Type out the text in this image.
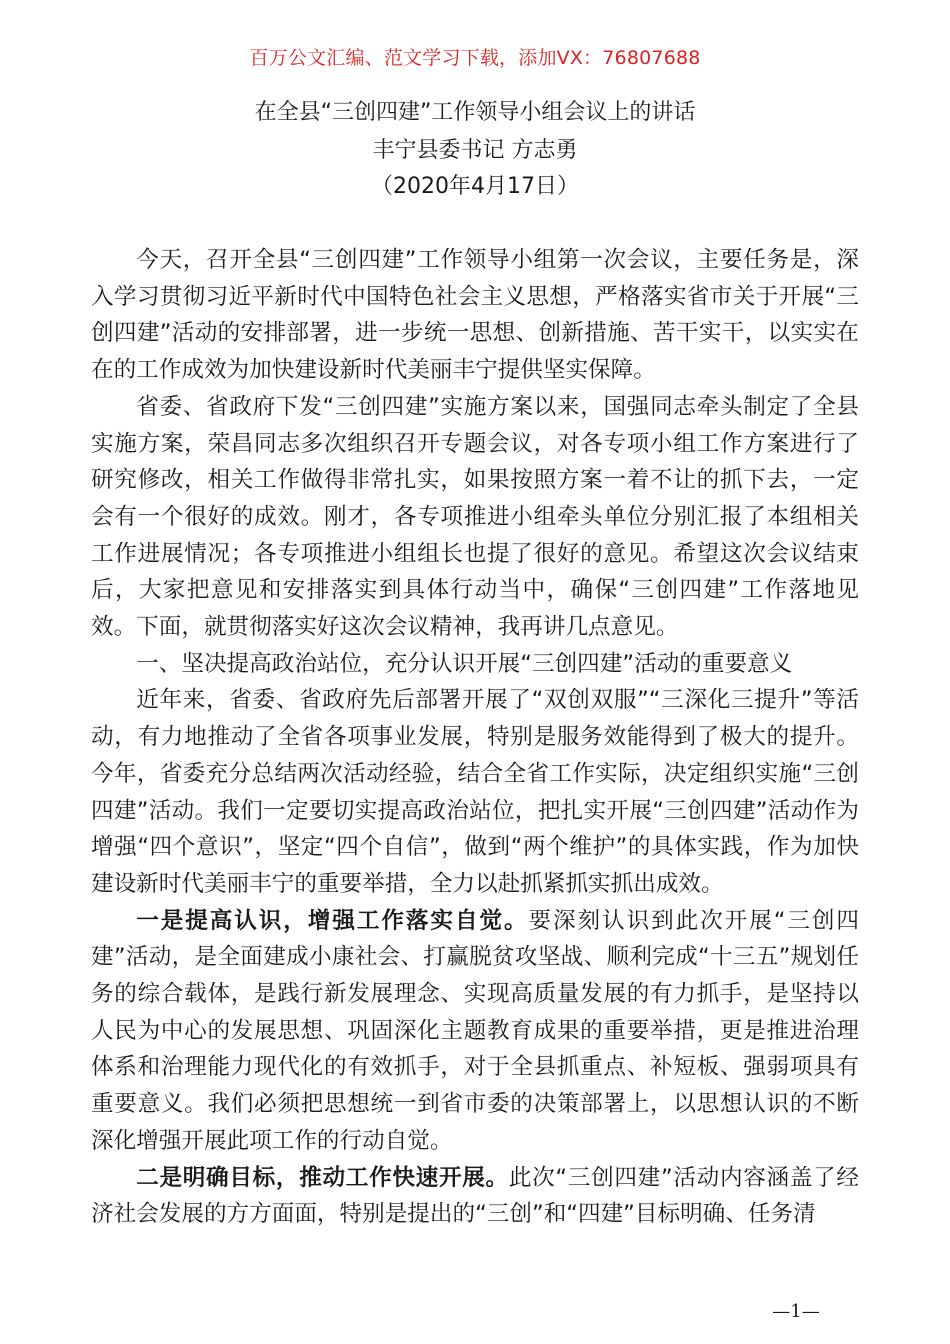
百万公文汇编、范文学习下载，添加VX：76807688
在全县“三创四建”工作领导小组会议上的讲话
丰宁县委书记 方志勇
（2020年4月17日）

今天，召开全县“三创四建”工作领导小组第一次会议，主要任务是，深入学习贯彻习近平新时代中国特色社会主义思想，严格落实省市关于开展“三创四建”活动的安排部署，进一步统一思想、创新措施、苦干实干，以实实在在的工作成效为加快建设新时代美丽丰宁提供坚实保障。

省委、省政府下发“三创四建”实施方案以来，国强同志牵头制定了全县实施方案，荣昌同志多次组织召开专题会议，对各专项小组工作方案进行了研究修改，相关工作做得非常扎实，如果按照方案一着不让的抓下去，一定会有一个很好的成效。刚才，各专项推进小组牵头单位分别汇报了本组相关工作进展情况；各专项推进小组组长也提了很好的意见。希望这次会议结束后，大家把意见和安排落实到具体行动当中，确保“三创四建”工作落地见效。下面，就贯彻落实好这次会议精神，我再讲几点意见。

一、坚决提高政治站位，充分认识开展“三创四建”活动的重要意义

近年来，省委、省政府先后部署开展了“双创双服”“三深化三提升”等活动，有力地推动了全省各项事业发展，特别是服务效能得到了极大的提升。今年，省委充分总结两次活动经验，结合全省工作实际，决定组织实施“三创四建”活动。我们一定要切实提高政治站位，把扎实开展“三创四建”活动作为增强“四个意识”，坚定“四个自信”，做到“两个维护”的具体实践，作为加快建设新时代美丽丰宁的重要举措，全力以赴抓紧抓实抓出成效。

一是提高认识，增强工作落实自觉。要深刻认识到此次开展“三创四建”活动，是全面建成小康社会、打赢脱贫攻坚战、顺利完成“十三五”规划任务的综合载体，是践行新发展理念、实现高质量发展的有力抓手，是坚持以人民为中心的发展思想、巩固深化主题教育成果的重要举措，更是推进治理体系和治理能力现代化的有效抓手，对于全县抓重点、补短板、强弱项具有重要意义。我们必须把思想统一到省市委的决策部署上，以思想认识的不断深化增强开展此项工作的行动自觉。

二是明确目标，推动工作快速开展。此次“三创四建”活动内容涵盖了经济社会发展的方方面面，特别是提出的“三创”和“四建”目标明确、任务清

—1—
